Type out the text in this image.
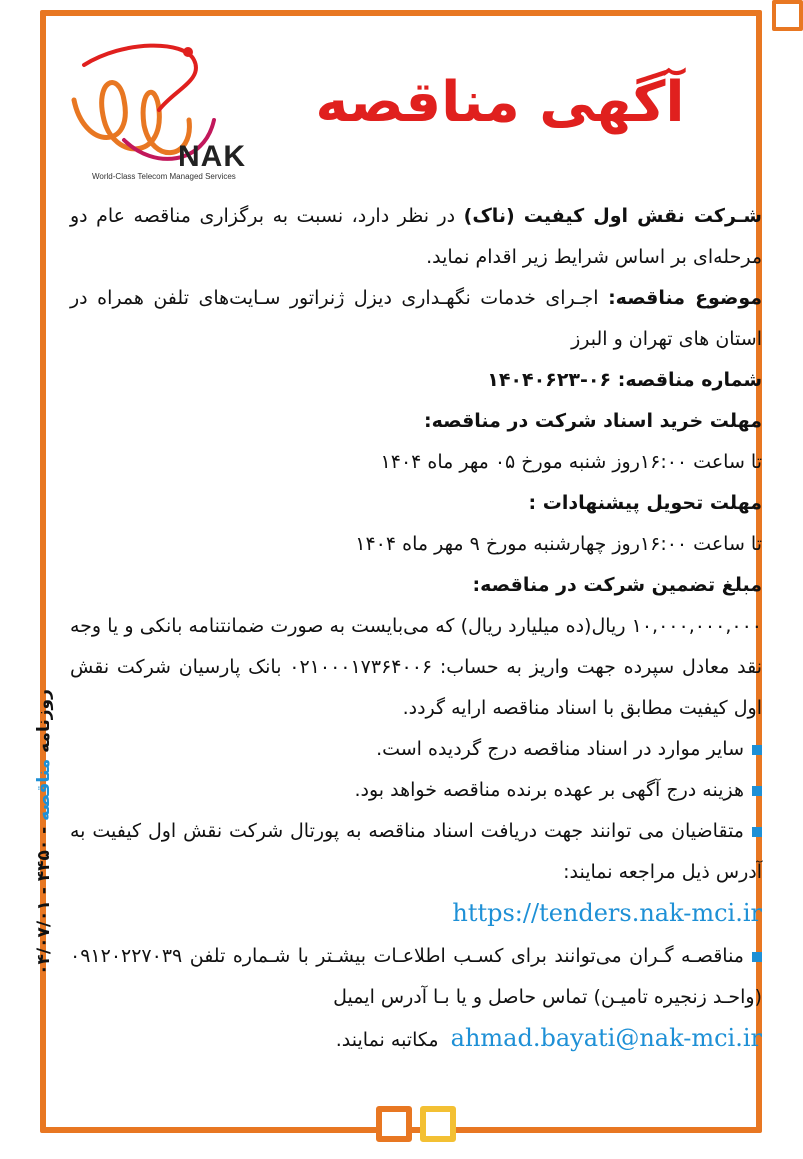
NAK
World-Class Telecom Managed Services
آگهی مناقصه

شـرکت نقش اول کیفیت (ناک) در نظر دارد، نسبت به برگزاری مناقصه عام دو مرحله‌ای بر اساس شرایط زیر اقدام نماید.

موضوع مناقصه: اجـرای خدمات نگهـداری دیزل ژنراتور سـایت‌های تلفن همراه در استان های تهران و البرز

شماره مناقصه: ۰۶-۱۴۰۴۰۶۲۳

مهلت خرید اسناد شرکت در مناقصه:

تا ساعت ۱۶:۰۰روز شنبه مورخ ۰۵ مهر ماه ۱۴۰۴

مهلت تحویل پیشنهادات :

تا ساعت ۱۶:۰۰روز چهارشنبه مورخ ۹ مهر ماه ۱۴۰۴

مبلغ تضمین شرکت در مناقصه:

۱۰,۰۰۰,۰۰۰,۰۰۰ ریال(ده میلیارد ریال) که می‌بایست به صورت ضمانتنامه بانکی و یا وجه نقد معادل سپرده جهت واریز به حساب: ۰۲۱۰۰۰۱۷۳۶۴۰۰۶ بانک پارسیان شرکت نقش اول کیفیت مطابق با اسناد مناقصه ارایه گردد.

سایر موارد در اسناد مناقصه درج گردیده است.

هزینه درج آگهی بر عهده برنده مناقصه خواهد بود.

متقاضیان می توانند جهت دریافت اسناد مناقصه به پورتال شرکت نقش اول کیفیت به آدرس ذیل مراجعه نمایند:

https://tenders.nak-mci.ir

مناقصـه گـران می‌توانند برای کسـب اطلاعـات بیشـتر با شـماره تلفن ۰۹۱۲۰۲۲۷۰۳۹ (واحـد زنجیره تامیـن) تماس حاصل و یا بـا آدرس ایمیل
ahmad.bayati@nak-mci.ir  مکاتبه نمایند.

روزنامه مناقصه - ۴۴۵۰ - ۰۴/۰۷/۰۱
